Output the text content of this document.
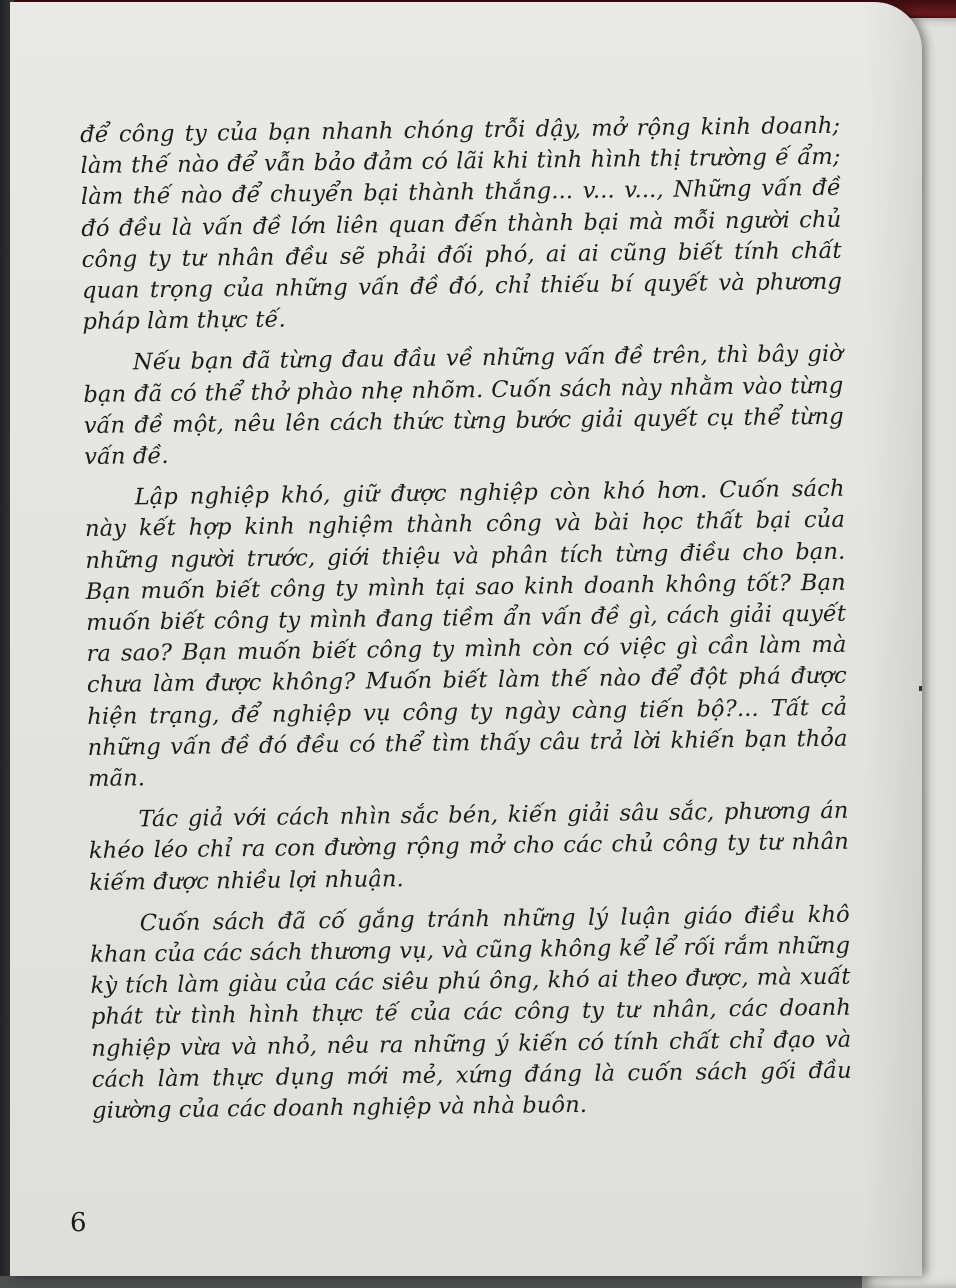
để công ty của bạn nhanh chóng trỗi dậy, mở rộng kinh doanh; làm thế nào để vẫn bảo đảm có lãi khi tình hình thị trường ế ẩm; làm thế nào để chuyển bại thành thắng... v... v..., Những vấn đề đó đều là vấn đề lớn liên quan đến thành bại mà mỗi người chủ công ty tư nhân đều sẽ phải đối phó, ai ai cũng biết tính chất quan trọng của những vấn đề đó, chỉ thiếu bí quyết và phương pháp làm thực tế.

Nếu bạn đã từng đau đầu về những vấn đề trên, thì bây giờ bạn đã có thể thở phào nhẹ nhõm. Cuốn sách này nhằm vào từng vấn đề một, nêu lên cách thức từng bước giải quyết cụ thể từng vấn đề.

Lập nghiệp khó, giữ được nghiệp còn khó hơn. Cuốn sách này kết hợp kinh nghiệm thành công và bài học thất bại của những người trước, giới thiệu và phân tích từng điều cho bạn. Bạn muốn biết công ty mình tại sao kinh doanh không tốt? Bạn muốn biết công ty mình đang tiềm ẩn vấn đề gì, cách giải quyết ra sao? Bạn muốn biết công ty mình còn có việc gì cần làm mà chưa làm được không? Muốn biết làm thế nào để đột phá được hiện trạng, để nghiệp vụ công ty ngày càng tiến bộ?... Tất cả những vấn đề đó đều có thể tìm thấy câu trả lời khiến bạn thỏa mãn.

Tác giả với cách nhìn sắc bén, kiến giải sâu sắc, phương án khéo léo chỉ ra con đường rộng mở cho các chủ công ty tư nhân kiếm được nhiều lợi nhuận.

Cuốn sách đã cố gắng tránh những lý luận giáo điều khô khan của các sách thương vụ, và cũng không kể lể rối rắm những kỳ tích làm giàu của các siêu phú ông, khó ai theo được, mà xuất phát từ tình hình thực tế của các công ty tư nhân, các doanh nghiệp vừa và nhỏ, nêu ra những ý kiến có tính chất chỉ đạo và cách làm thực dụng mới mẻ, xứng đáng là cuốn sách gối đầu giường của các doanh nghiệp và nhà buôn.

6
